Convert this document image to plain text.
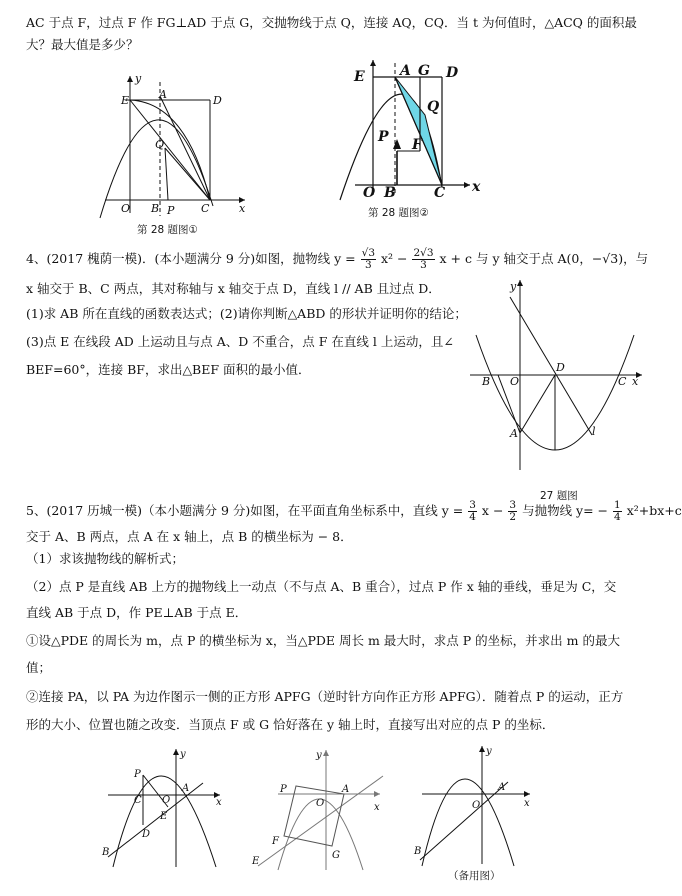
AC 于点 F，过点 F 作 FG⊥AD 于点 G，交抛物线于点 Q，连接 AQ，CQ．当 t 为何值时，△ACQ 的面积最
大？最大值是多少？
y
E	A	D
Q
O B P C	x
第 28 题图①
E	A G D
Q
P F
O B	C x
第 28 题图②
4、(2017 槐荫一模)．(本小题满分 9 分)如图，抛物线 $y = \frac{√3}{3} x^2 - \frac{2√3}{3}$ x + c 与 y 轴交于点 A(0，−√3)，与
x 轴交于 B、C 两点，其对称轴与 x 轴交于点 D，直线 l // AB 且过点 D．
(1)求 AB 所在直线的函数表达式；(2)请你判断△ABD 的形状并证明你的结论；
(3)点 E 在线段 AD 上运动且与点 A、D 不重合，点 F 在直线 l 上运动，且∠
BEF=60°，连接 BF，求出△BEF 面积的最小值．
y
B O
D
C x
A	l
27 题图
5、(2017 历城一模)（本小题满分 9 分)如图，在平面直角坐标系中，直线 $y = \frac{3}{4}$ $x - \frac{3}{2}$ 与抛物线 $y= - \frac{1}{4} x^2+bx+c$
交于 A、B 两点，点 A 在 x 轴上，点 B 的横坐标为 − 8．
（1）求该抛物线的解析式；
（2）点 P 是直线 AB 上方的抛物线上一动点（不与点 A、B 重合），过点 P 作 x 轴的垂线，垂足为 C，交
直线 AB 于点 D，作 PE⊥AB 于点 E．
①设△PDE 的周长为 m，点 P 的横坐标为 x，当△PDE 周长 m 最大时，求点 P 的坐标，并求出 m 的最大
值；
②连接 PA，以 PA 为边作图示一侧的正方形 APFG（逆时针方向作正方形 APFG）．随着点 P 的运动，正方
形的大小、位置也随之改变．当顶点 F 或 G 恰好落在 y 轴上时，直接写出对应的点 P 的坐标．
y
P
A
C O	x
E
D
B
y
P	A
O	x
F
E
G
y
A
O	x
B
（备用图）
